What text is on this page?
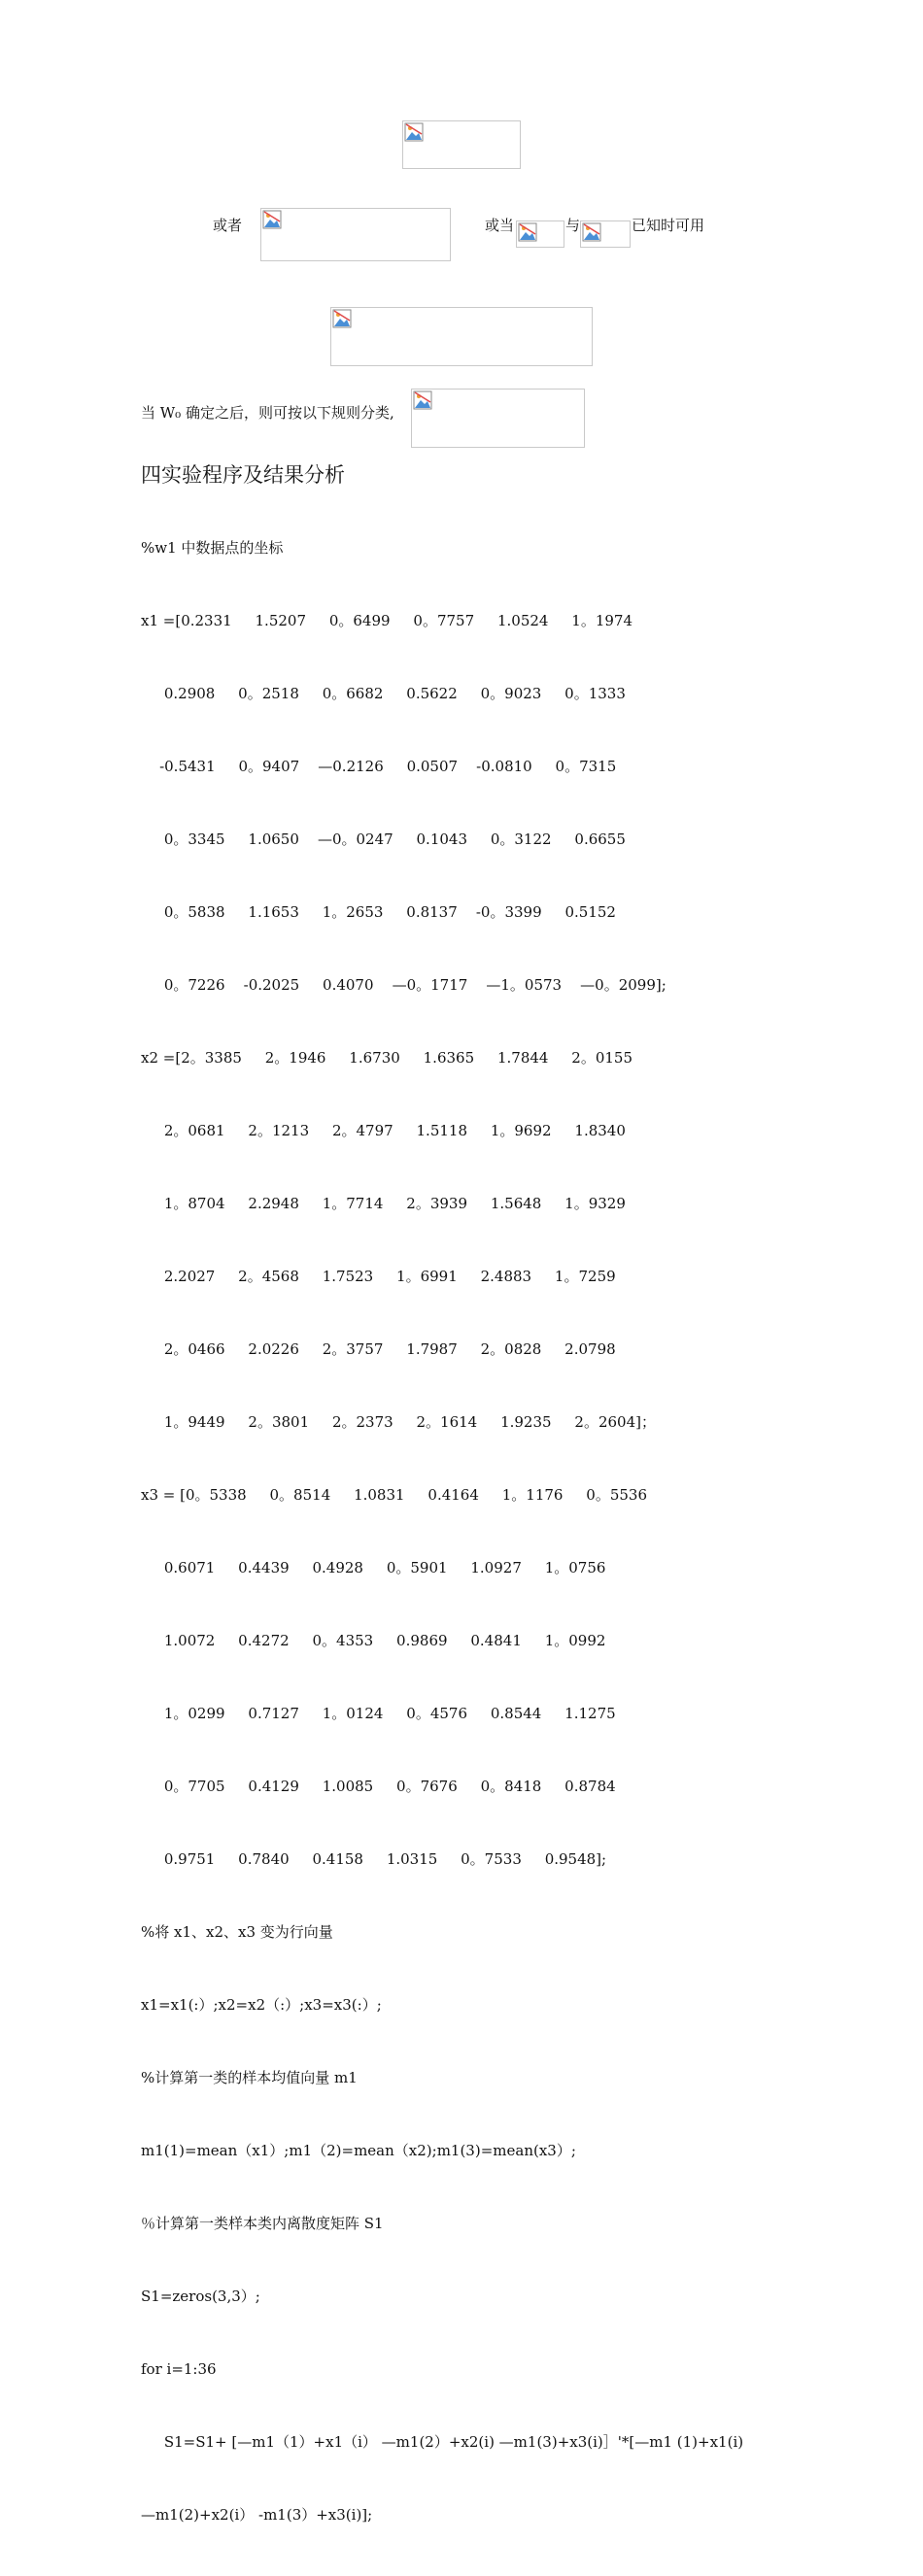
或者	或当	与	已知时可用
当 W₀ 确定之后，则可按以下规则分类,
四实验程序及结果分析

%w1 中数据点的坐标

x1 =[0.2331     1.5207     0。6499     0。7757     1.0524     1。1974

0.2908     0。2518     0。6682     0.5622     0。9023     0。1333

-0.5431     0。9407    —0.2126     0.0507    -0.0810     0。7315

0。3345     1.0650    —0。0247     0.1043     0。3122     0.6655

0。5838     1.1653     1。2653     0.8137    -0。3399     0.5152

0。7226    -0.2025     0.4070    —0。1717    —1。0573    —0。2099];

x2 =[2。3385     2。1946     1.6730     1.6365     1.7844     2。0155

2。0681     2。1213     2。4797     1.5118     1。9692     1.8340

1。8704     2.2948     1。7714     2。3939     1.5648     1。9329

2.2027     2。4568     1.7523     1。6991     2.4883     1。7259

2。0466     2.0226     2。3757     1.7987     2。0828     2.0798

1。9449     2。3801     2。2373     2。1614     1.9235     2。2604]；

x3 = [0。5338     0。8514     1.0831     0.4164     1。1176     0。5536

0.6071     0.4439     0.4928     0。5901     1.0927     1。0756

1.0072     0.4272     0。4353     0.9869     0.4841     1。0992

1。0299     0.7127     1。0124     0。4576     0.8544     1.1275

0。7705     0.4129     1.0085     0。7676     0。8418     0.8784

0.9751     0.7840     0.4158     1.0315     0。7533     0.9548];

%将 x1、x2、x3 变为行向量

x1=x1(:）;x2=x2（:）;x3=x3(:）;

%计算第一类的样本均值向量 m1

m1(1)=mean（x1）;m1（2)=mean（x2);m1(3)=mean(x3）;

％计算第一类样本类内离散度矩阵 S1

S1=zeros(3,3）;

for i=1:36

S1=S1+ [—m1（1）+x1（i） —m1(2）+x2(i) —m1(3)+x3(i)］'*[—m1 (1)+x1(i)

—m1(2)+x2(i） -m1(3）+x3(i)];
